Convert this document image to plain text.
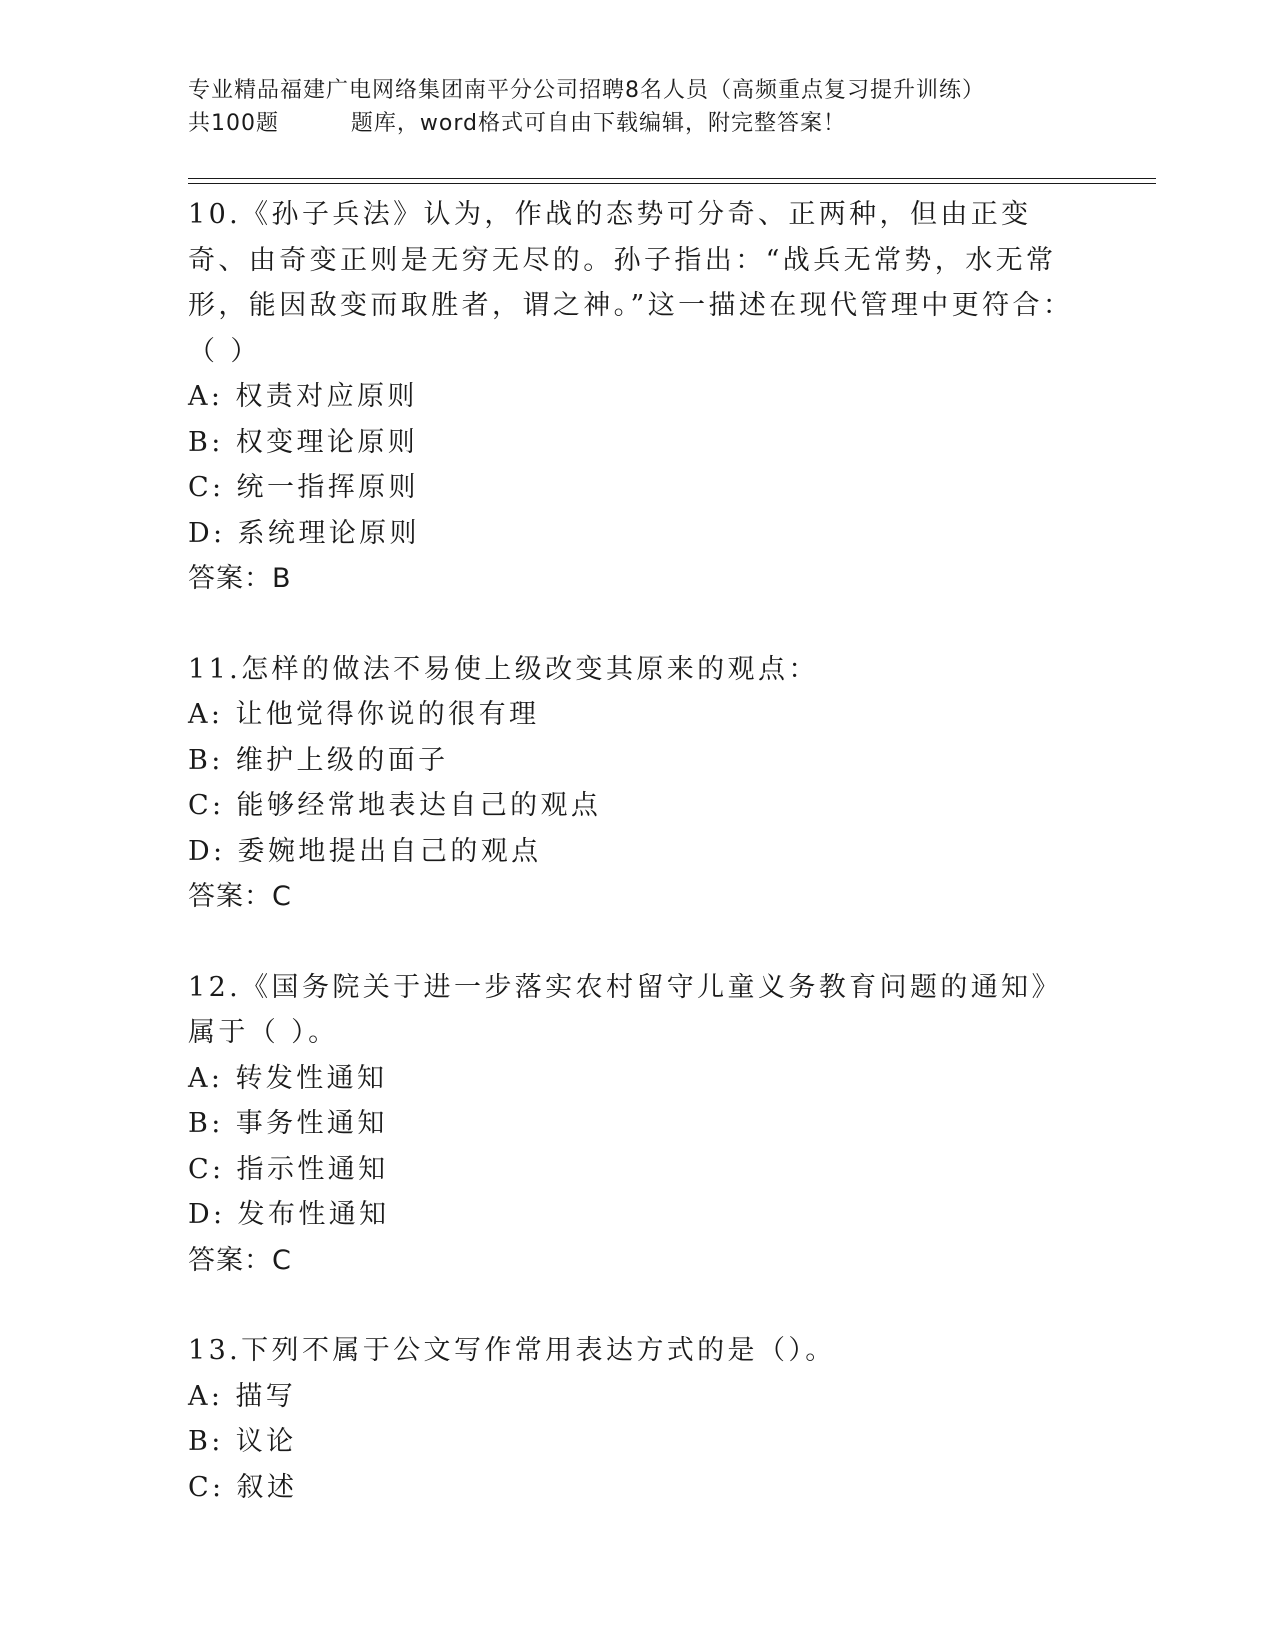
专业精品福建广电网络集团南平分公司招聘8名人员（高频重点复习提升训练）
共100题         题库，word格式可自由下载编辑，附完整答案！

10.《孙子兵法》认为，作战的态势可分奇、正两种，但由正变奇、由奇变正则是无穷无尽的。孙子指出：“战兵无常势，水无常形，能因敌变而取胜者，谓之神。”这一描述在现代管理中更符合：（ ）

A: 权责对应原则

B: 权变理论原则

C: 统一指挥原则

D: 系统理论原则

答案：B

11.怎样的做法不易使上级改变其原来的观点：

A: 让他觉得你说的很有理

B: 维护上级的面子

C: 能够经常地表达自己的观点

D: 委婉地提出自己的观点

答案：C

12.《国务院关于进一步落实农村留守儿童义务教育问题的通知》属于（ ）。

A: 转发性通知

B: 事务性通知

C: 指示性通知

D: 发布性通知

答案：C

13.下列不属于公文写作常用表达方式的是（）。

A: 描写

B: 议论

C: 叙述
